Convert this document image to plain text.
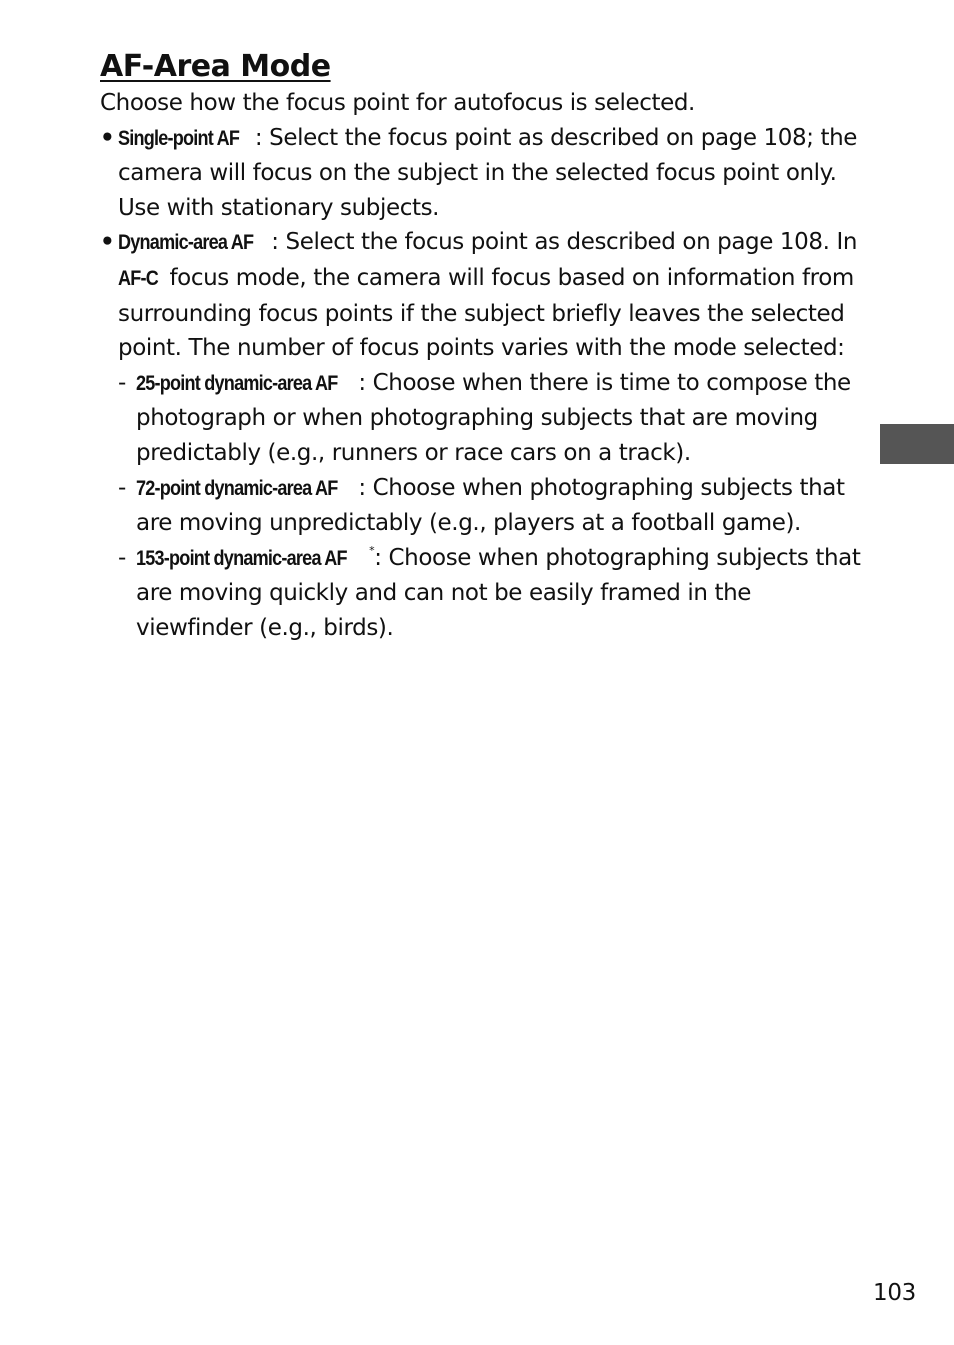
AF-Area Mode

Choose how the focus point for autofocus is selected.

• Single-point AF : Select the focus point as described on page 108; the camera will focus on the subject in the selected focus point only. Use with stationary subjects.
• Dynamic-area AF : Select the focus point as described on page 108. In AF-C focus mode, the camera will focus based on information from surrounding focus points if the subject briefly leaves the selected point. The number of focus points varies with the mode selected:
- 25-point dynamic-area AF : Choose when there is time to compose the photograph or when photographing subjects that are moving predictably (e.g., runners or race cars on a track).
- 72-point dynamic-area AF : Choose when photographing subjects that are moving unpredictably (e.g., players at a football game).
- 153-point dynamic-area AF *: Choose when photographing subjects that are moving quickly and can not be easily framed in the viewfinder (e.g., birds).
103
